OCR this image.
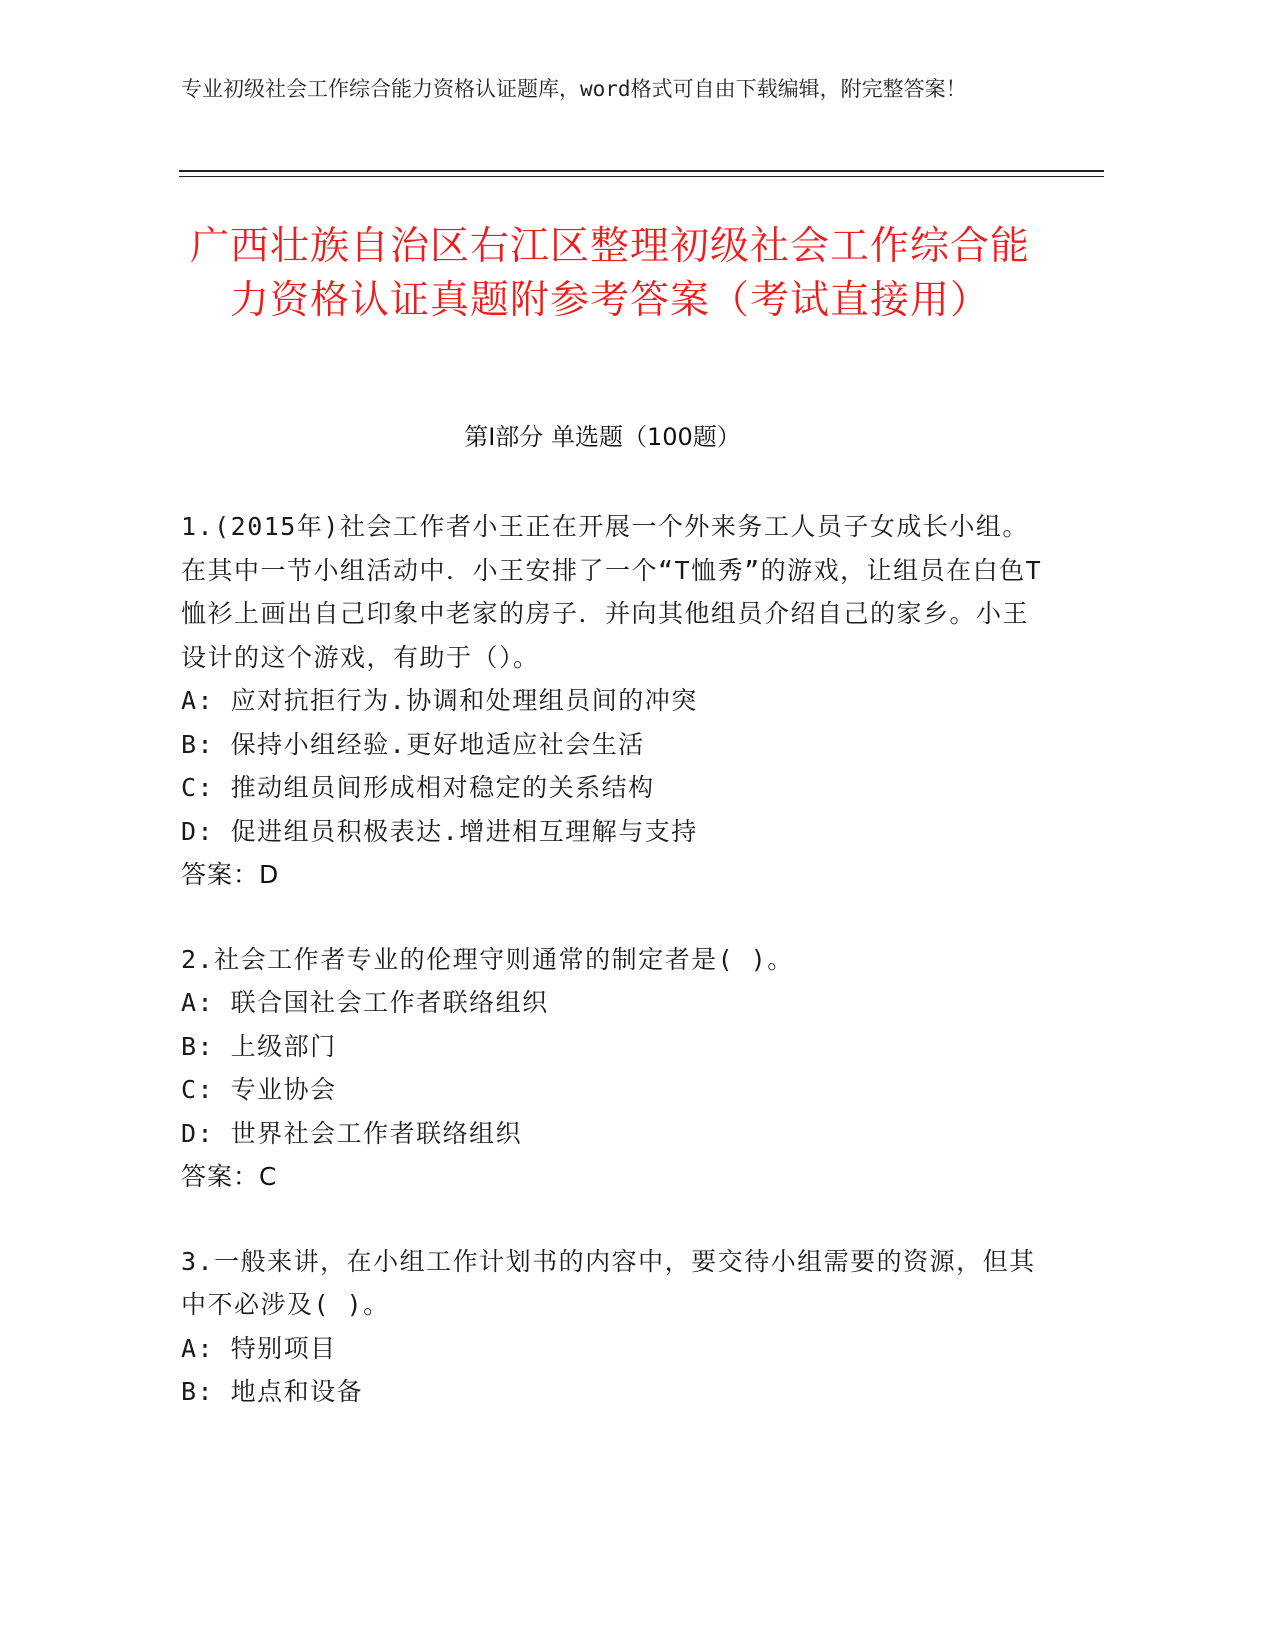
专业初级社会工作综合能力资格认证题库，word格式可自由下载编辑，附完整答案！
广西壮族自治区右江区整理初级社会工作综合能力资格认证真题附参考答案（考试直接用）
第Ⅰ部分 单选题（100题）
1.(2015年)社会工作者小王正在开展一个外来务工人员子女成长小组。在其中一节小组活动中．小王安排了一个“T恤秀”的游戏，让组员在白色T恤衫上画出自己印象中老家的房子．并向其他组员介绍自己的家乡。小王设计的这个游戏，有助于（）。
A: 应对抗拒行为.协调和处理组员间的冲突
B: 保持小组经验.更好地适应社会生活
C: 推动组员间形成相对稳定的关系结构
D: 促进组员积极表达.增进相互理解与支持
答案：D
2.社会工作者专业的伦理守则通常的制定者是( )。
A: 联合国社会工作者联络组织
B: 上级部门
C: 专业协会
D: 世界社会工作者联络组织
答案：C
3.一般来讲，在小组工作计划书的内容中，要交待小组需要的资源，但其中不必涉及( )。
A: 特别项目
B: 地点和设备
